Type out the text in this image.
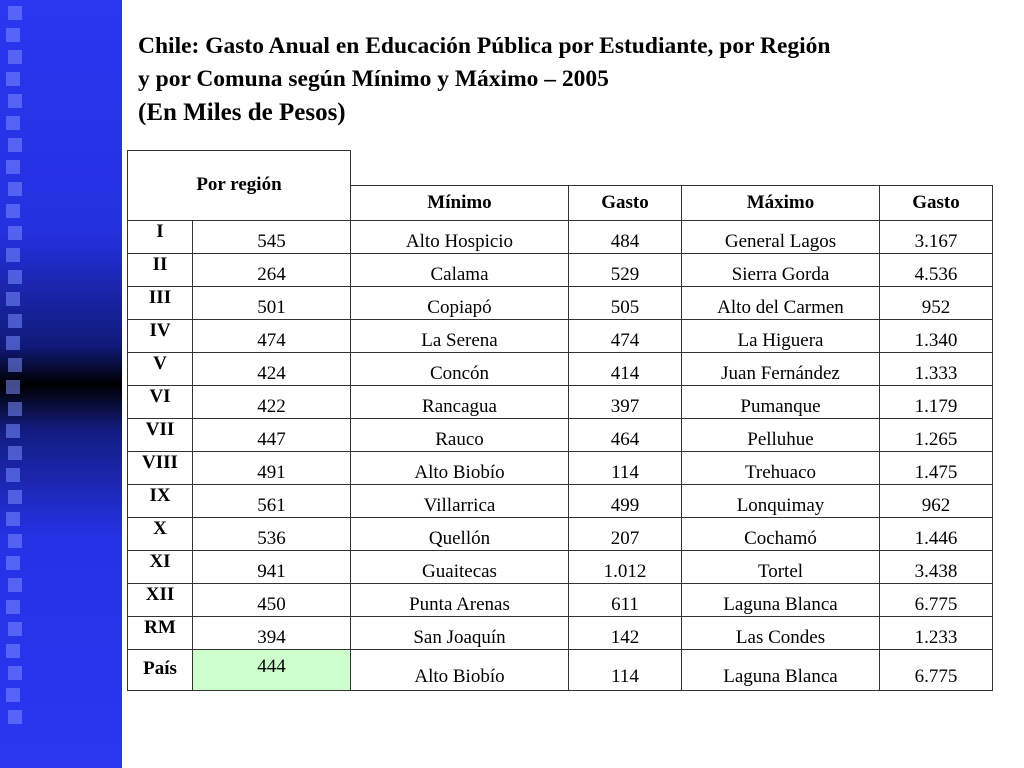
Chile: Gasto Anual en Educación Pública por Estudiante, por Región
y por Comuna según Mínimo y Máximo – 2005
(En Miles de Pesos)
Por región					
		Mínimo	Gasto	Máximo	Gasto
I	545	Alto Hospicio	484	General Lagos	3.167
II	264	Calama	529	Sierra Gorda	4.536
III	501	Copiapó	505	Alto del Carmen	952
IV	474	La Serena	474	La Higuera	1.340
V	424	Concón	414	Juan Fernández	1.333
VI	422	Rancagua	397	Pumanque	1.179
VII	447	Rauco	464	Pelluhue	1.265
VIII	491	Alto Biobío	114	Trehuaco	1.475
IX	561	Villarrica	499	Lonquimay	962
X	536	Quellón	207	Cochamó	1.446
XI	941	Guaitecas	1.012	Tortel	3.438
XII	450	Punta Arenas	611	Laguna Blanca	6.775
RM	394	San Joaquín	142	Las Condes	1.233
País	444	Alto Biobío	114	Laguna Blanca	6.775
